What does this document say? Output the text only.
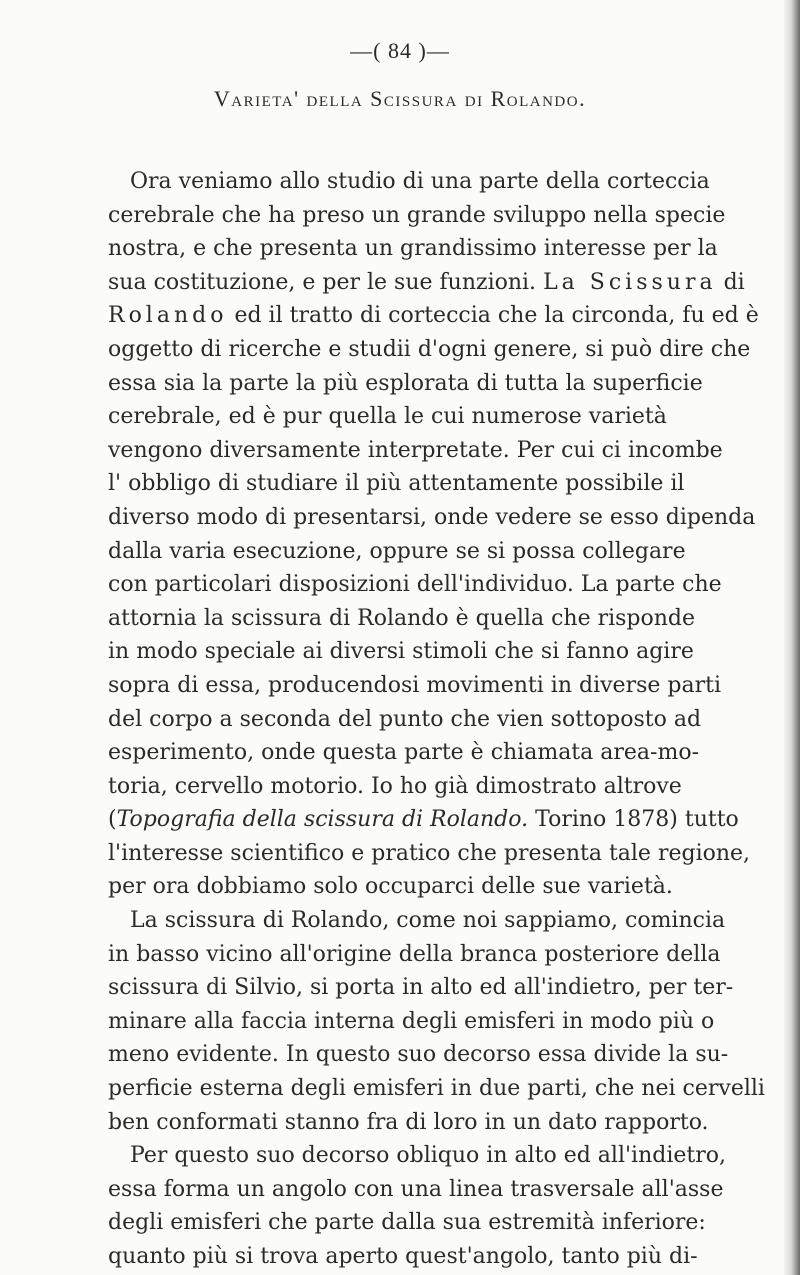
—( 84 )—
Varieta' della Scissura di Rolando.
Ora veniamo allo studio di una parte della corteccia
cerebrale che ha preso un grande sviluppo nella specie
nostra, e che presenta un grandissimo interesse per la
sua costituzione, e per le sue funzioni. La Scissura di
Rolando ed il tratto di corteccia che la circonda, fu ed è
oggetto di ricerche e studii d'ogni genere, si può dire che
essa sia la parte la più esplorata di tutta la superficie
cerebrale, ed è pur quella le cui numerose varietà
vengono diversamente interpretate. Per cui ci incombe
l' obbligo di studiare il più attentamente possibile il
diverso modo di presentarsi, onde vedere se esso dipenda
dalla varia esecuzione, oppure se si possa collegare
con particolari disposizioni dell'individuo. La parte che
attornia la scissura di Rolando è quella che risponde
in modo speciale ai diversi stimoli che si fanno agire
sopra di essa, producendosi movimenti in diverse parti
del corpo a seconda del punto che vien sottoposto ad
esperimento, onde questa parte è chiamata area-mo-
toria, cervello motorio. Io ho già dimostrato altrove
(Topografia della scissura di Rolando. Torino 1878) tutto
l'interesse scientifico e pratico che presenta tale regione,
per ora dobbiamo solo occuparci delle sue varietà.
La scissura di Rolando, come noi sappiamo, comincia
in basso vicino all'origine della branca posteriore della
scissura di Silvio, si porta in alto ed all'indietro, per ter-
minare alla faccia interna degli emisferi in modo più o
meno evidente. In questo suo decorso essa divide la su-
perficie esterna degli emisferi in due parti, che nei cervelli
ben conformati stanno fra di loro in un dato rapporto.
Per questo suo decorso obliquo in alto ed all'indietro,
essa forma un angolo con una linea trasversale all'asse
degli emisferi che parte dalla sua estremità inferiore:
quanto più si trova aperto quest'angolo, tanto più di-
